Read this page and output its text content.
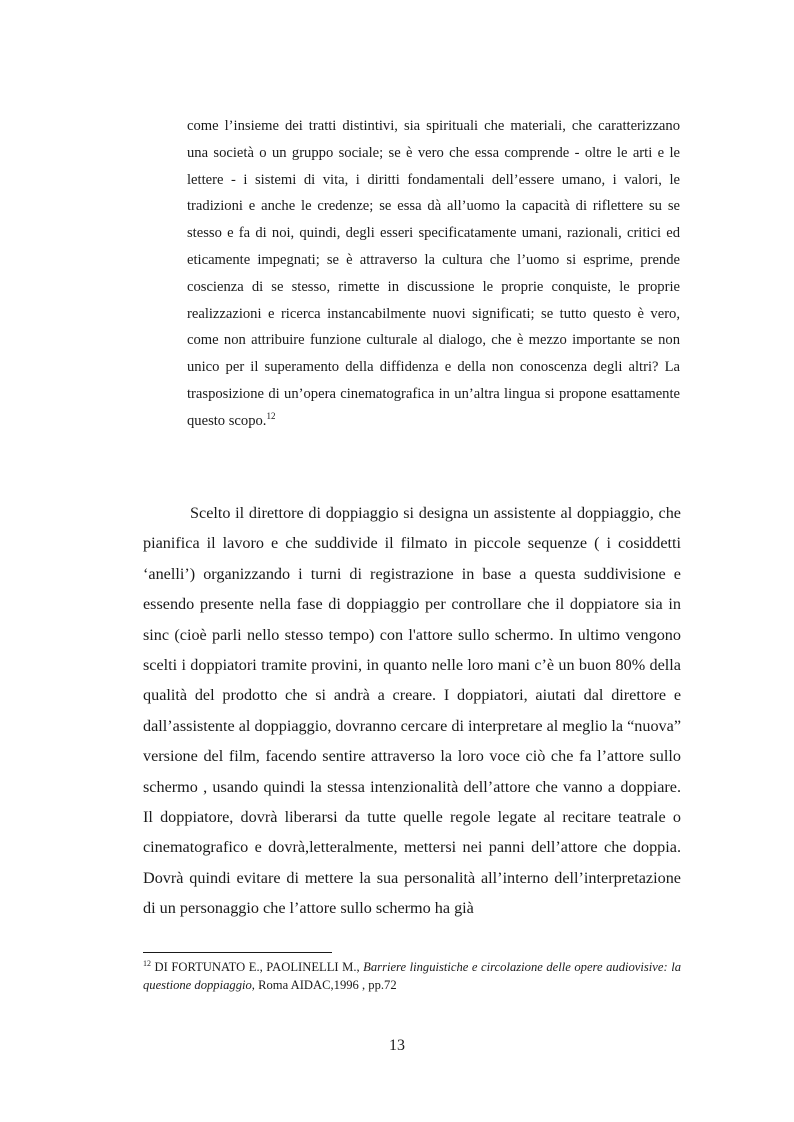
come l’insieme dei tratti distintivi, sia spirituali che materiali, che caratterizzano una società o un gruppo sociale; se è vero che essa comprende - oltre le arti e le lettere - i sistemi di vita, i diritti fondamentali dell’essere umano, i valori, le tradizioni e anche le credenze; se essa dà all’uomo la capacità di riflettere su se stesso e fa di noi, quindi, degli esseri specificatamente umani, razionali, critici ed eticamente impegnati; se è attraverso la cultura che l’uomo si esprime, prende coscienza di se stesso, rimette in discussione le proprie conquiste, le proprie realizzazioni e ricerca instancabilmente nuovi significati; se tutto questo è vero, come non attribuire funzione culturale al dialogo, che è mezzo importante se non unico per il superamento della diffidenza e della non conoscenza degli altri? La trasposizione di un’opera cinematografica in un’altra lingua si propone esattamente questo scopo.$^{12}$
Scelto il direttore di doppiaggio si designa un assistente al doppiaggio, che pianifica il lavoro e che suddivide il filmato in piccole sequenze ( i cosiddetti ‘anelli’) organizzando i turni di registrazione in base a questa suddivisione e essendo presente nella fase di doppiaggio per controllare che il doppiatore sia in sinc (cioè parli nello stesso tempo) con l'attore sullo schermo. In ultimo vengono scelti i doppiatori tramite provini, in quanto nelle loro mani c’è un buon 80% della qualità del prodotto che si andrà a creare. I doppiatori, aiutati dal direttore e dall’assistente al doppiaggio, dovranno cercare di interpretare al meglio la “nuova” versione del film, facendo sentire attraverso la loro voce ciò che fa l’attore sullo schermo , usando quindi la stessa intenzionalità dell’attore che vanno a doppiare. Il doppiatore, dovrà liberarsi da tutte quelle regole legate al recitare teatrale o cinematografico e dovrà,letteralmente, mettersi nei panni dell’attore che doppia. Dovrà quindi evitare di mettere la sua personalità all’interno dell’interpretazione di un personaggio che l’attore sullo schermo ha già
$^{12}$ DI FORTUNATO E., PAOLINELLI M., Barriere linguistiche e circolazione delle opere audiovisive: la questione doppiaggio, Roma AIDAC,1996 , pp.72
13
